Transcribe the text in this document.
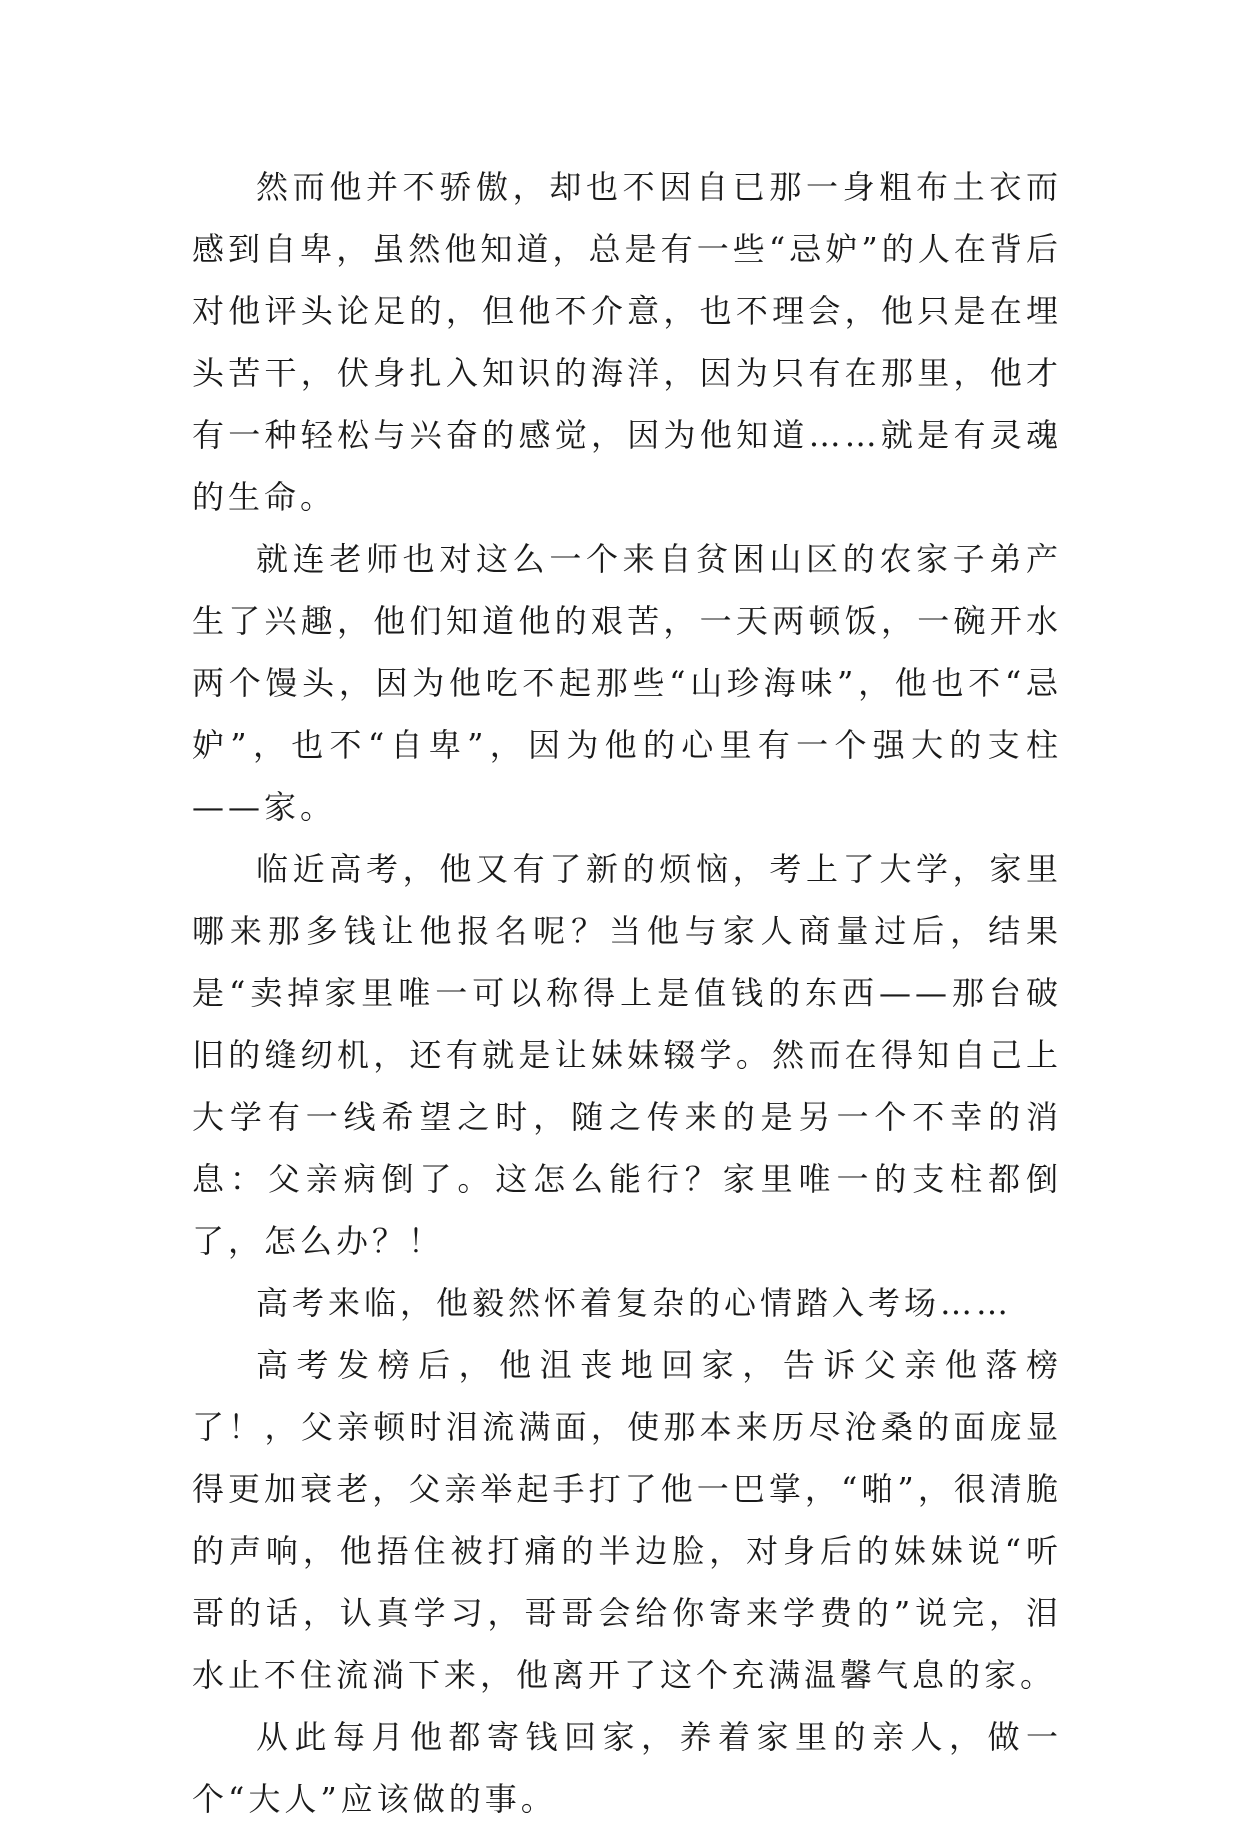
然而他并不骄傲，却也不因自已那一身粗布土衣而感到自卑，虽然他知道，总是有一些“忌妒”的人在背后对他评头论足的，但他不介意，也不理会，他只是在埋头苦干，伏身扎入知识的海洋，因为只有在那里，他才有一种轻松与兴奋的感觉，因为他知道……就是有灵魂的生命。

就连老师也对这么一个来自贫困山区的农家子弟产生了兴趣，他们知道他的艰苦，一天两顿饭，一碗开水两个馒头，因为他吃不起那些“山珍海味”，他也不“忌妒”，也不“自卑”，因为他的心里有一个强大的支柱——家。

临近高考，他又有了新的烦恼，考上了大学，家里哪来那多钱让他报名呢？当他与家人商量过后，结果是“卖掉家里唯一可以称得上是值钱的东西——那台破旧的缝纫机，还有就是让妹妹辍学。然而在得知自己上大学有一线希望之时，随之传来的是另一个不幸的消息：父亲病倒了。这怎么能行？家里唯一的支柱都倒了，怎么办？！

高考来临，他毅然怀着复杂的心情踏入考场……

高考发榜后，他沮丧地回家，告诉父亲他落榜了！，父亲顿时泪流满面，使那本来历尽沧桑的面庞显得更加衰老，父亲举起手打了他一巴掌，“啪”，很清脆的声响，他捂住被打痛的半边脸，对身后的妹妹说“听哥的话，认真学习，哥哥会给你寄来学费的”说完，泪水止不住流淌下来，他离开了这个充满温馨气息的家。

从此每月他都寄钱回家，养着家里的亲人，做一个“大人”应该做的事。
